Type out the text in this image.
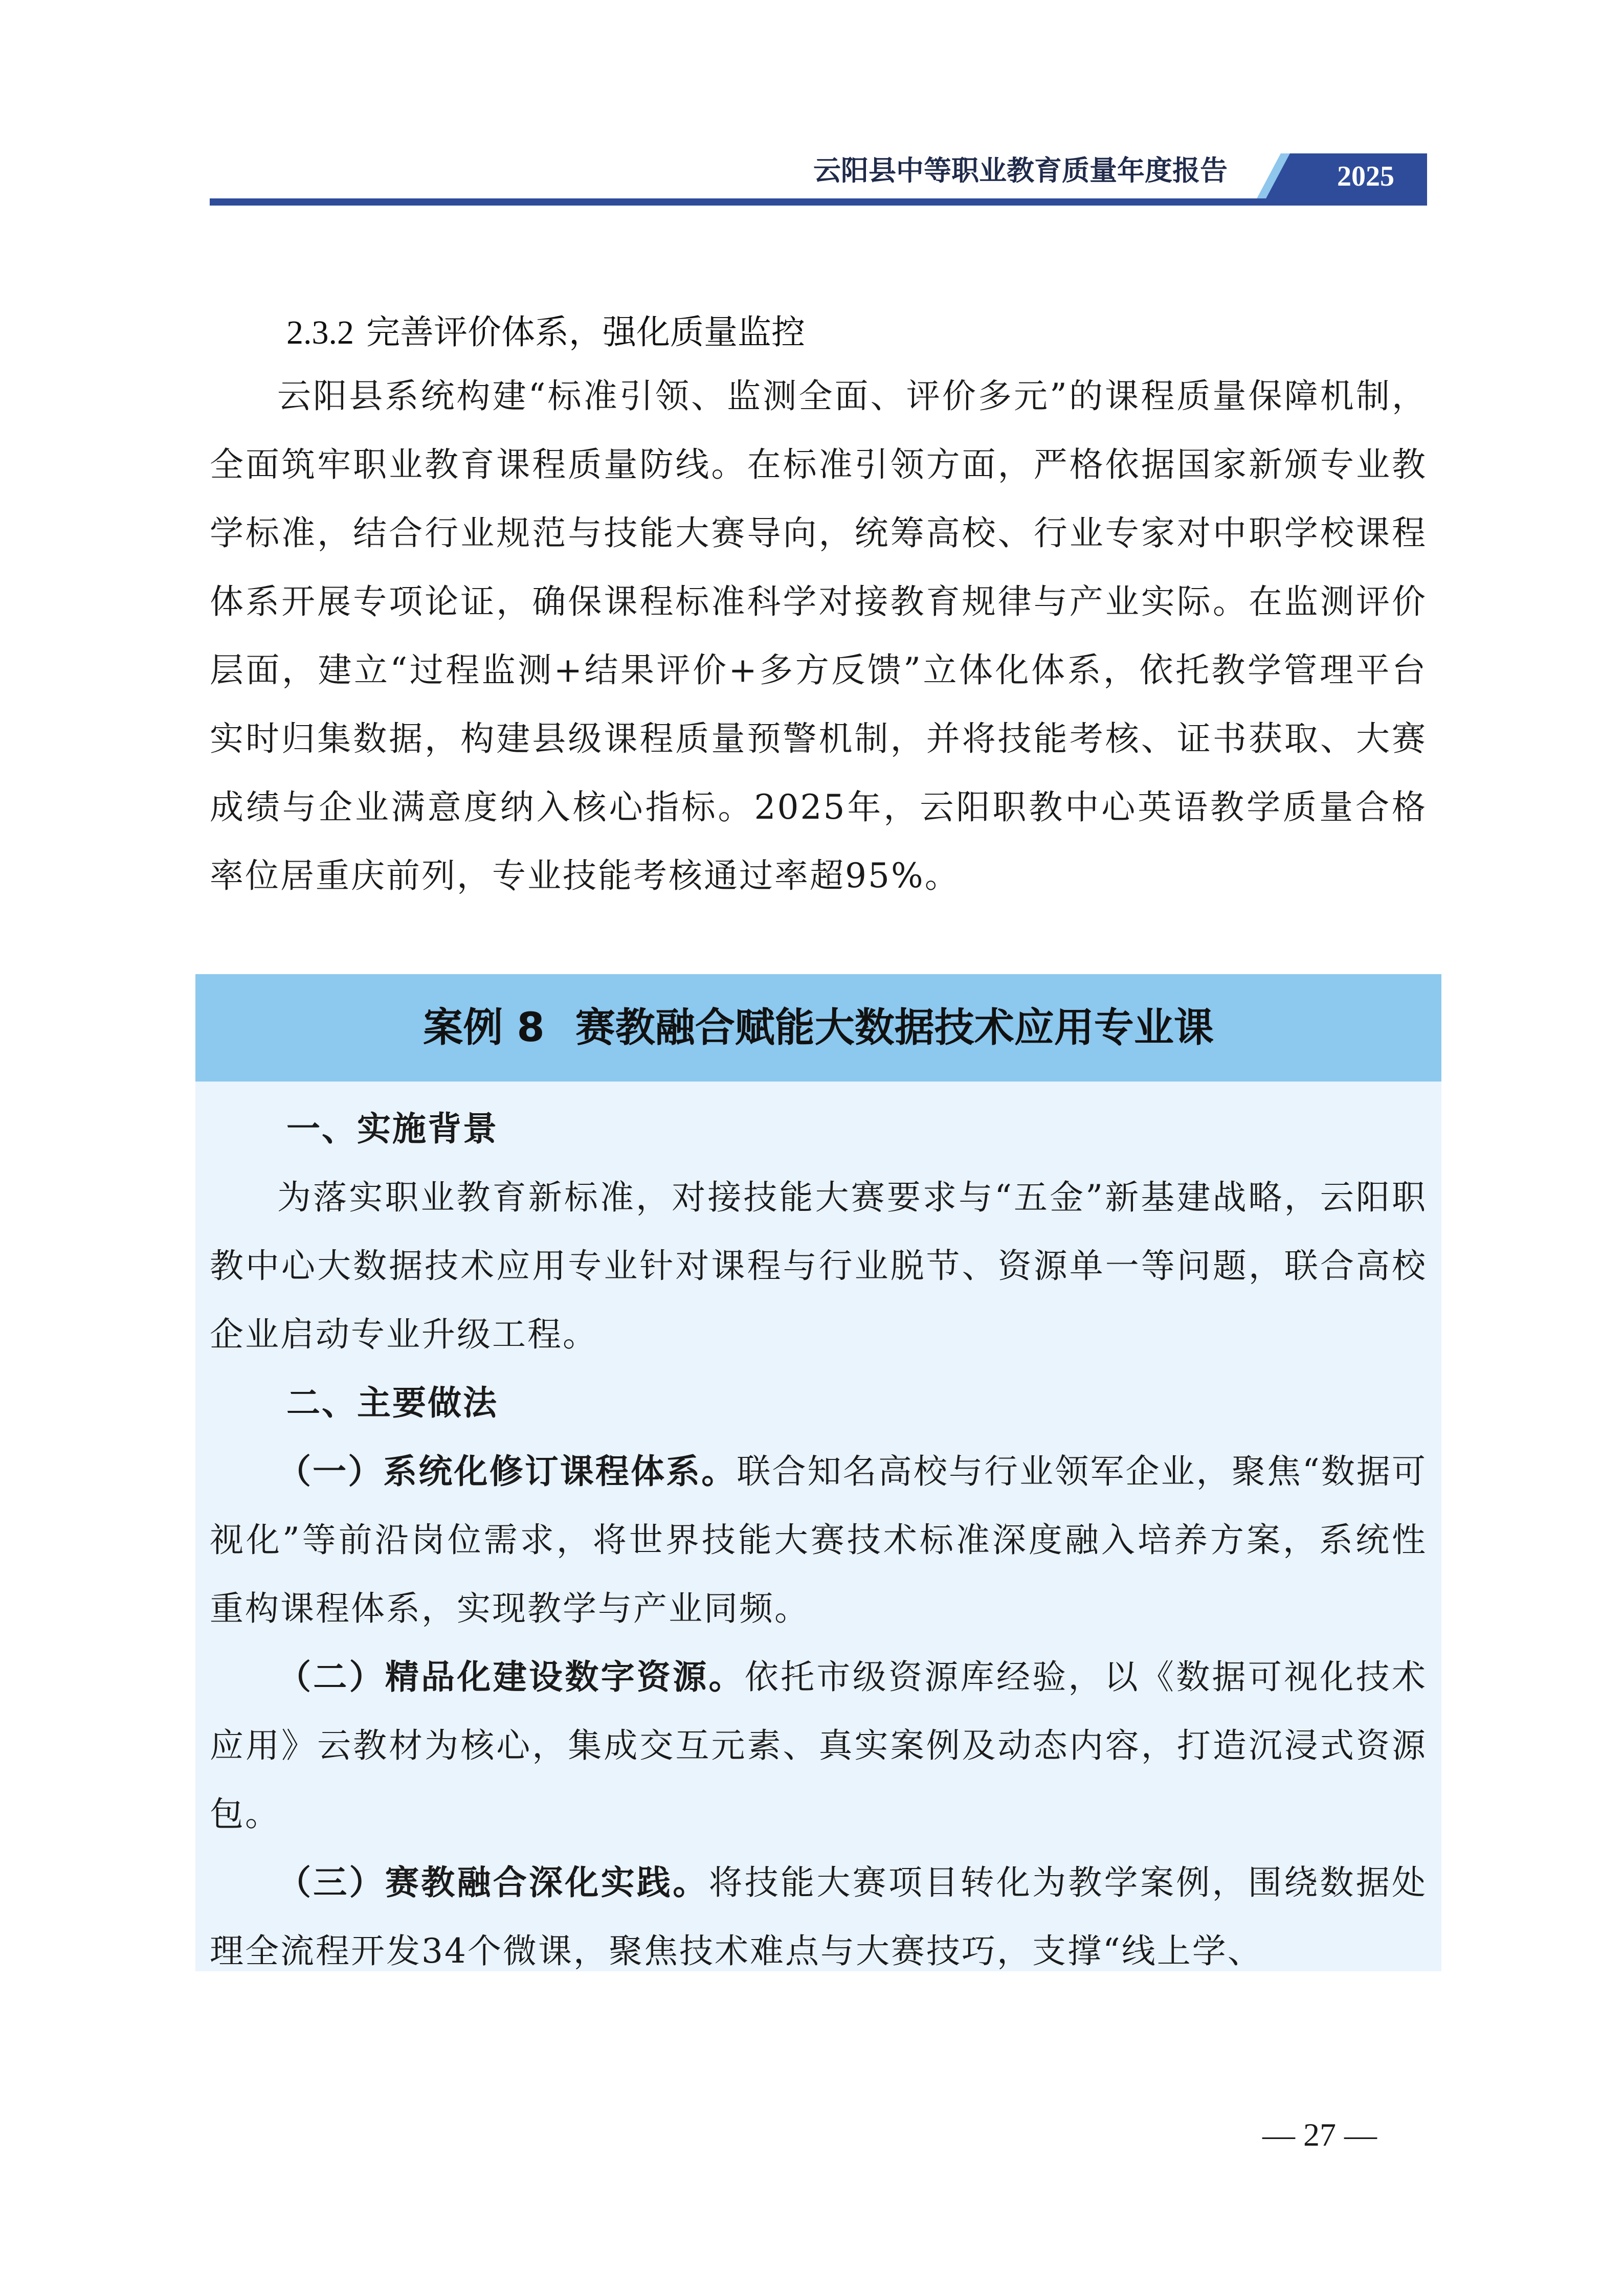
云阳县中等职业教育质量年度报告	2025
2.3.2 完善评价体系，强化质量监控
云阳县系统构建“标准引领、监测全面、评价多元”的课程质量保障机制，全面筑牢职业教育课程质量防线。在标准引领方面，严格依据国家新颁专业教学标准，结合行业规范与技能大赛导向，统筹高校、行业专家对中职学校课程体系开展专项论证，确保课程标准科学对接教育规律与产业实际。在监测评价层面，建立“过程监测+结果评价+多方反馈”立体化体系，依托教学管理平台实时归集数据，构建县级课程质量预警机制，并将技能考核、证书获取、大赛成绩与企业满意度纳入核心指标。2025年，云阳职教中心英语教学质量合格率位居重庆前列，专业技能考核通过率超95%。
案例 8 赛教融合赋能大数据技术应用专业课
一、实施背景
为落实职业教育新标准，对接技能大赛要求与“五金”新基建战略，云阳职教中心大数据技术应用专业针对课程与行业脱节、资源单一等问题，联合高校企业启动专业升级工程。
二、主要做法
（一）系统化修订课程体系。联合知名高校与行业领军企业，聚焦“数据可视化”等前沿岗位需求，将世界技能大赛技术标准深度融入培养方案，系统性重构课程体系，实现教学与产业同频。
（二）精品化建设数字资源。依托市级资源库经验，以《数据可视化技术应用》云教材为核心，集成交互元素、真实案例及动态内容，打造沉浸式资源包。
（三）赛教融合深化实践。将技能大赛项目转化为教学案例，围绕数据处理全流程开发34个微课，聚焦技术难点与大赛技巧，支撑“线上学、
— 27 —
